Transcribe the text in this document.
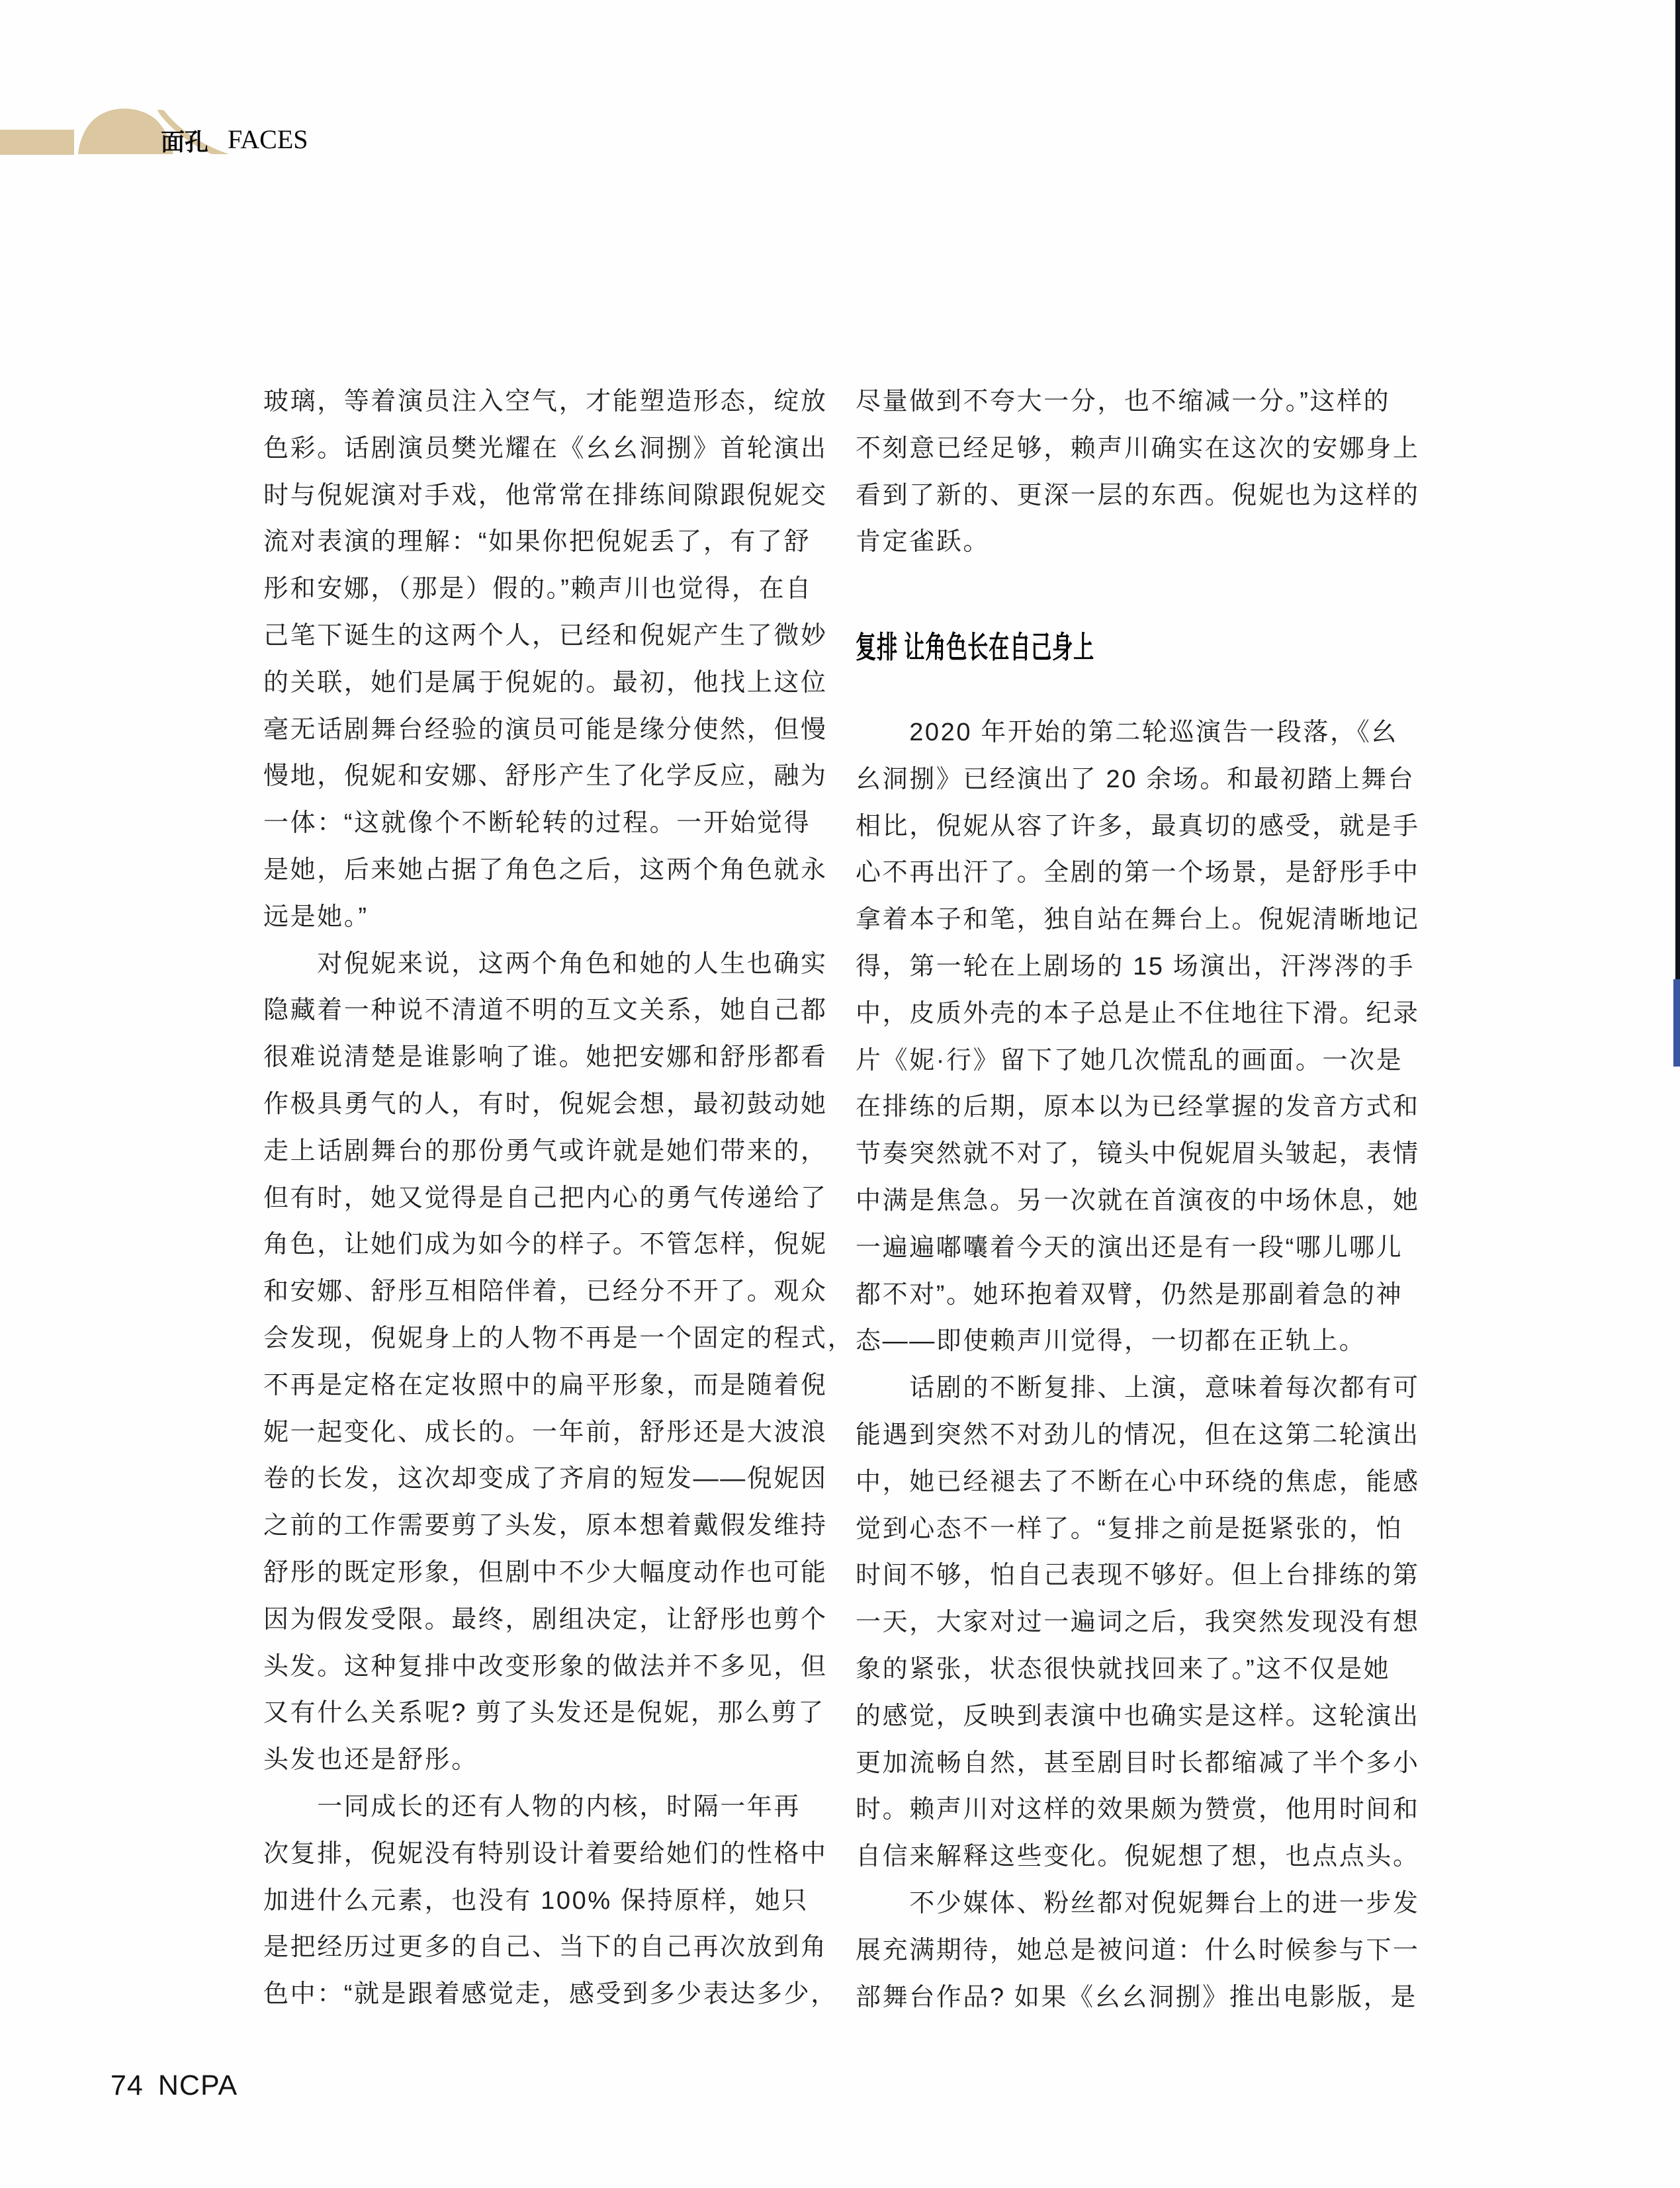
面孔 FACES
玻璃，等着演员注入空气，才能塑造形态，绽放
色彩。话剧演员樊光耀在《幺幺洞捌》首轮演出
时与倪妮演对手戏，他常常在排练间隙跟倪妮交
流对表演的理解：“如果你把倪妮丢了，有了舒
彤和安娜，（那是）假的。”赖声川也觉得，在自
己笔下诞生的这两个人，已经和倪妮产生了微妙
的关联，她们是属于倪妮的。最初，他找上这位
毫无话剧舞台经验的演员可能是缘分使然，但慢
慢地，倪妮和安娜、舒彤产生了化学反应，融为
一体：“这就像个不断轮转的过程。一开始觉得
是她，后来她占据了角色之后，这两个角色就永
远是她。”
　　对倪妮来说，这两个角色和她的人生也确实
隐藏着一种说不清道不明的互文关系，她自己都
很难说清楚是谁影响了谁。她把安娜和舒彤都看
作极具勇气的人，有时，倪妮会想，最初鼓动她
走上话剧舞台的那份勇气或许就是她们带来的，
但有时，她又觉得是自己把内心的勇气传递给了
角色，让她们成为如今的样子。不管怎样，倪妮
和安娜、舒彤互相陪伴着，已经分不开了。观众
会发现，倪妮身上的人物不再是一个固定的程式，
不再是定格在定妆照中的扁平形象，而是随着倪
妮一起变化、成长的。一年前，舒彤还是大波浪
卷的长发，这次却变成了齐肩的短发——倪妮因
之前的工作需要剪了头发，原本想着戴假发维持
舒彤的既定形象，但剧中不少大幅度动作也可能
因为假发受限。最终，剧组决定，让舒彤也剪个
头发。这种复排中改变形象的做法并不多见，但
又有什么关系呢? 剪了头发还是倪妮，那么剪了
头发也还是舒彤。
　　一同成长的还有人物的内核，时隔一年再
次复排，倪妮没有特别设计着要给她们的性格中
加进什么元素，也没有 100% 保持原样，她只
是把经历过更多的自己、当下的自己再次放到角
色中：“就是跟着感觉走，感受到多少表达多少，
尽量做到不夸大一分，也不缩减一分。”这样的
不刻意已经足够，赖声川确实在这次的安娜身上
看到了新的、更深一层的东西。倪妮也为这样的
肯定雀跃。
复排 让角色长在自己身上
　　2020 年开始的第二轮巡演告一段落，《幺
幺洞捌》已经演出了 20 余场。和最初踏上舞台
相比，倪妮从容了许多，最真切的感受，就是手
心不再出汗了。全剧的第一个场景，是舒彤手中
拿着本子和笔，独自站在舞台上。倪妮清晰地记
得，第一轮在上剧场的 15 场演出，汗涔涔的手
中，皮质外壳的本子总是止不住地往下滑。纪录
片《妮·行》留下了她几次慌乱的画面。一次是
在排练的后期，原本以为已经掌握的发音方式和
节奏突然就不对了，镜头中倪妮眉头皱起，表情
中满是焦急。另一次就在首演夜的中场休息，她
一遍遍嘟囔着今天的演出还是有一段“哪儿哪儿
都不对”。她环抱着双臂，仍然是那副着急的神
态——即使赖声川觉得，一切都在正轨上。
　　话剧的不断复排、上演，意味着每次都有可
能遇到突然不对劲儿的情况，但在这第二轮演出
中，她已经褪去了不断在心中环绕的焦虑，能感
觉到心态不一样了。“复排之前是挺紧张的，怕
时间不够，怕自己表现不够好。但上台排练的第
一天，大家对过一遍词之后，我突然发现没有想
象的紧张，状态很快就找回来了。”这不仅是她
的感觉，反映到表演中也确实是这样。这轮演出
更加流畅自然，甚至剧目时长都缩减了半个多小
时。赖声川对这样的效果颇为赞赏，他用时间和
自信来解释这些变化。倪妮想了想，也点点头。
　　不少媒体、粉丝都对倪妮舞台上的进一步发
展充满期待，她总是被问道：什么时候参与下一
部舞台作品? 如果《幺幺洞捌》推出电影版，是
74 NCPA
